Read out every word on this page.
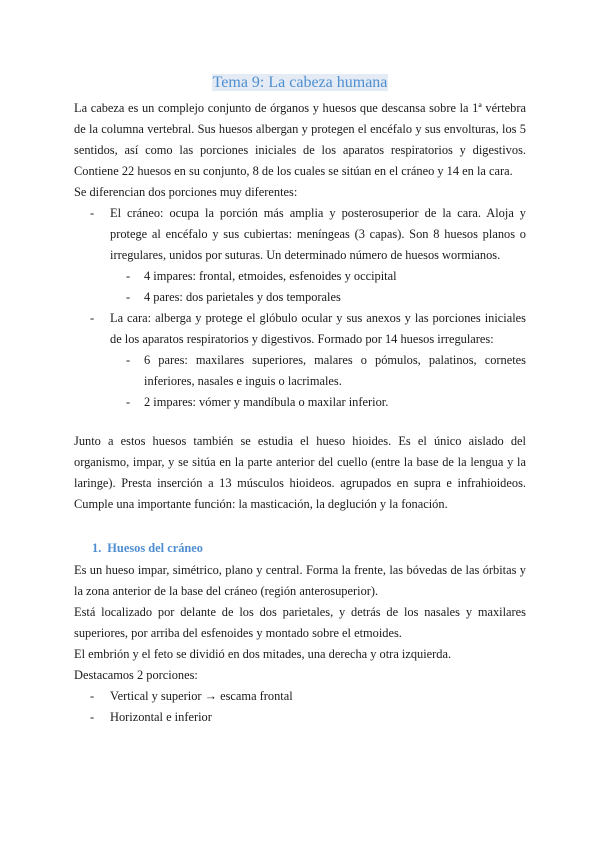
Tema 9: La cabeza humana
La cabeza es un complejo conjunto de órganos y huesos que descansa sobre la 1ª vértebra de la columna vertebral. Sus huesos albergan y protegen el encéfalo y sus envolturas, los 5 sentidos, así como las porciones iniciales de los aparatos respiratorios y digestivos. Contiene 22 huesos en su conjunto, 8 de los cuales se sitúan en el cráneo y 14 en la cara.
Se diferencian dos porciones muy diferentes:
- El cráneo: ocupa la porción más amplia y posterosuperior de la cara. Aloja y protege al encéfalo y sus cubiertas: meníngeas (3 capas). Son 8 huesos planos o irregulares, unidos por suturas. Un determinado número de huesos wormianos.
- 4 impares: frontal, etmoides, esfenoides y occipital
- 4 pares: dos parietales y dos temporales
- La cara: alberga y protege el glóbulo ocular y sus anexos y las porciones iniciales de los aparatos respiratorios y digestivos. Formado por 14 huesos irregulares:
- 6 pares: maxilares superiores, malares o pómulos, palatinos, cornetes inferiores, nasales e inguis o lacrimales.
- 2 impares: vómer y mandíbula o maxilar inferior.
Junto a estos huesos también se estudia el hueso hioides. Es el único aislado del organismo, impar, y se sitúa en la parte anterior del cuello (entre la base de la lengua y la laringe). Presta inserción a 13 músculos hioideos. agrupados en supra e infrahioideos. Cumple una importante función: la masticación, la deglución y la fonación.
1. Huesos del cráneo
Es un hueso impar, simétrico, plano y central. Forma la frente, las bóvedas de las órbitas y la zona anterior de la base del cráneo (región anterosuperior).
Está localizado por delante de los dos parietales, y detrás de los nasales y maxilares superiores, por arriba del esfenoides y montado sobre el etmoides.
El embrión y el feto se dividió en dos mitades, una derecha y otra izquierda.
Destacamos 2 porciones:
- Vertical y superior → escama frontal
- Horizontal e inferior
